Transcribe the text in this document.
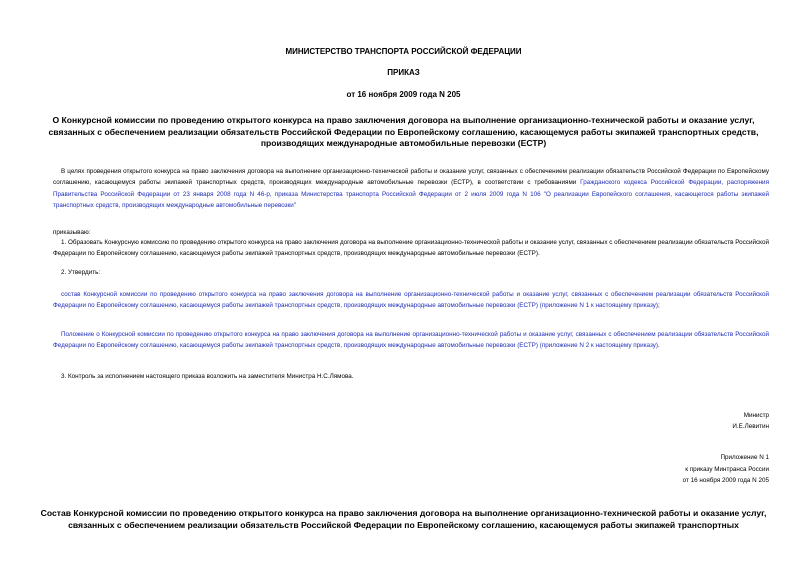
МИНИСТЕРСТВО ТРАНСПОРТА РОССИЙСКОЙ ФЕДЕРАЦИИ
ПРИКАЗ
от 16 ноября 2009 года N 205
О Конкурсной комиссии по проведению открытого конкурса на право заключения договора на выполнение организационно-технической работы и оказание услуг, связанных с обеспечением реализации обязательств Российской Федерации по Европейскому соглашению, касающемуся работы экипажей транспортных средств, производящих международные автомобильные перевозки (ЕСТР)
В целях проведения открытого конкурса на право заключения договора на выполнение организационно-технической работы и оказание услуг, связанных с обеспечением реализации обязательств Российской Федерации по Европейскому соглашению, касающемуся работы экипажей транспортных средств, производящих международные автомобильные перевозки (ЕСТР), в соответствии с требованиями Гражданского кодекса Российской Федерации, распоряжения Правительства Российской Федерации от 23 января 2008 года N 46-р, приказа Министерства транспорта Российской Федерации от 2 июля 2009 года N 106 "О реализации Европейского соглашения, касающегося работы экипажей транспортных средств, производящих международные автомобильные перевозки"
приказываю:
1. Образовать Конкурсную комиссию по проведению открытого конкурса на право заключения договора на выполнение организационно-технической работы и оказание услуг, связанных с обеспечением реализации обязательств Российской Федерации по Европейскому соглашению, касающемуся работы экипажей транспортных средств, производящих международные автомобильные перевозки (ЕСТР).
2. Утвердить:
состав Конкурсной комиссии по проведению открытого конкурса на право заключения договора на выполнение организационно-технической работы и оказание услуг, связанных с обеспечением реализации обязательств Российской Федерации по Европейскому соглашению, касающемуся работы экипажей транспортных средств, производящих международные автомобильные перевозки (ЕСТР) (приложение N 1 к настоящему приказу);
Положение о Конкурсной комиссии по проведению открытого конкурса на право заключения договора на выполнение организационно-технической работы и оказание услуг, связанных с обеспечением реализации обязательств Российской Федерации по Европейскому соглашению, касающемуся работы экипажей транспортных средств, производящих международные автомобильные перевозки (ЕСТР) (приложение N 2 к настоящему приказу).
3. Контроль за исполнением настоящего приказа возложить на заместителя Министра Н.С.Лямова.
Министр
И.Е.Левитин
Приложение N 1
к приказу Минтранса России
от 16 ноября 2009 года N 205
Состав Конкурсной комиссии по проведению открытого конкурса на право заключения договора на выполнение организационно-технической работы и оказание услуг, связанных с обеспечением реализации обязательств Российской Федерации по Европейскому соглашению, касающемуся работы экипажей транспортных
